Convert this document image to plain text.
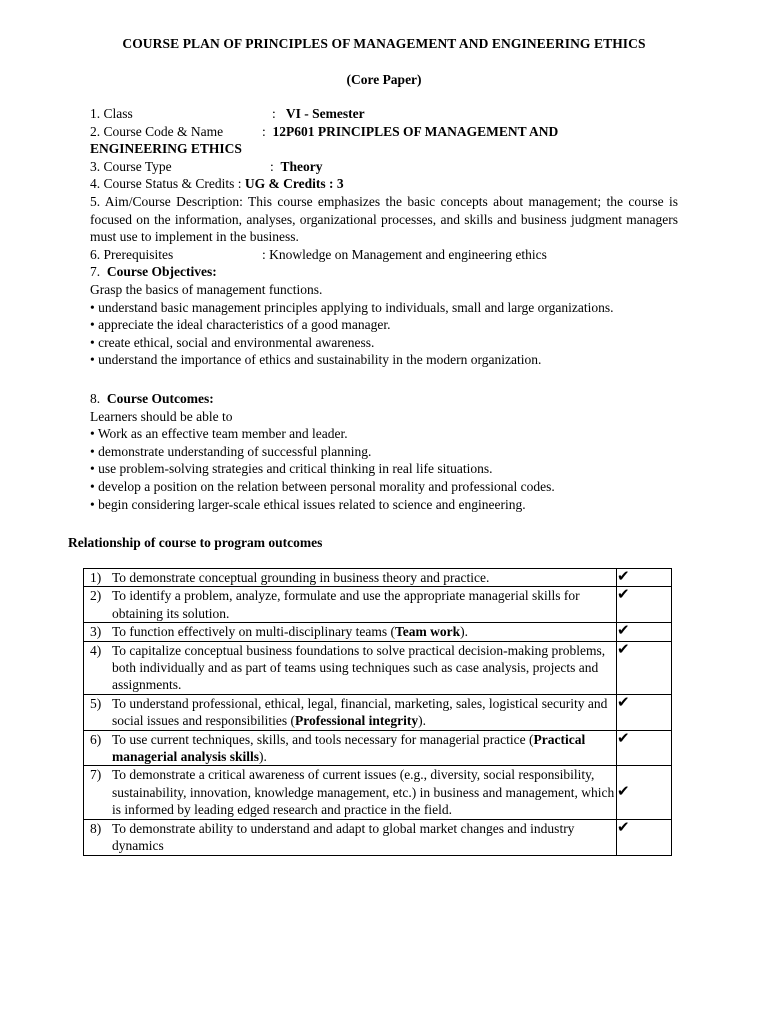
COURSE PLAN OF PRINCIPLES OF MANAGEMENT AND ENGINEERING ETHICS
(Core Paper)
1. Class	:   VI - Semester
2. Course Code & Name	:  12P601 PRINCIPLES OF MANAGEMENT AND
ENGINEERING ETHICS
3. Course Type	:  Theory
4. Course Status & Credits : UG & Credits : 3
5. Aim/Course Description: This course emphasizes the basic concepts about management; the course is focused on the information, analyses, organizational processes, and skills and business judgment managers must use to implement in the business.
6. Prerequisites	: Knowledge on Management and engineering ethics
7. Course Objectives:
Grasp the basics of management functions.
• understand basic management principles applying to individuals, small and large organizations.
• appreciate the ideal characteristics of a good manager.
• create ethical, social and environmental awareness.
• understand the importance of ethics and sustainability in the modern organization.
8. Course Outcomes:
Learners should be able to
• Work as an effective team member and leader.
• demonstrate understanding of successful planning.
• use problem-solving strategies and critical thinking in real life situations.
• develop a position on the relation between personal morality and professional codes.
• begin considering larger-scale ethical issues related to science and engineering.
Relationship of course to program outcomes
1) To demonstrate conceptual grounding in business theory and practice.	✔

2) To identify a problem, analyze, formulate and use the appropriate managerial skills for obtaining its solution.	✔

3) To function effectively on multi-disciplinary teams (Team work).	✔

4) To capitalize conceptual business foundations to solve practical decision-making problems, both individually and as part of teams using techniques such as case analysis, projects and assignments.	✔

5) To understand professional, ethical, legal, financial, marketing, sales, logistical security and social issues and responsibilities (Professional integrity).	✔

6) To use current techniques, skills, and tools necessary for managerial practice (Practical managerial analysis skills).	✔

7) To demonstrate a critical awareness of current issues (e.g., diversity, social responsibility, sustainability, innovation, knowledge management, etc.) in business and management, which is informed by leading edged research and practice in the field.	✔

8) To demonstrate ability to understand and adapt to global market changes and industry dynamics	✔
